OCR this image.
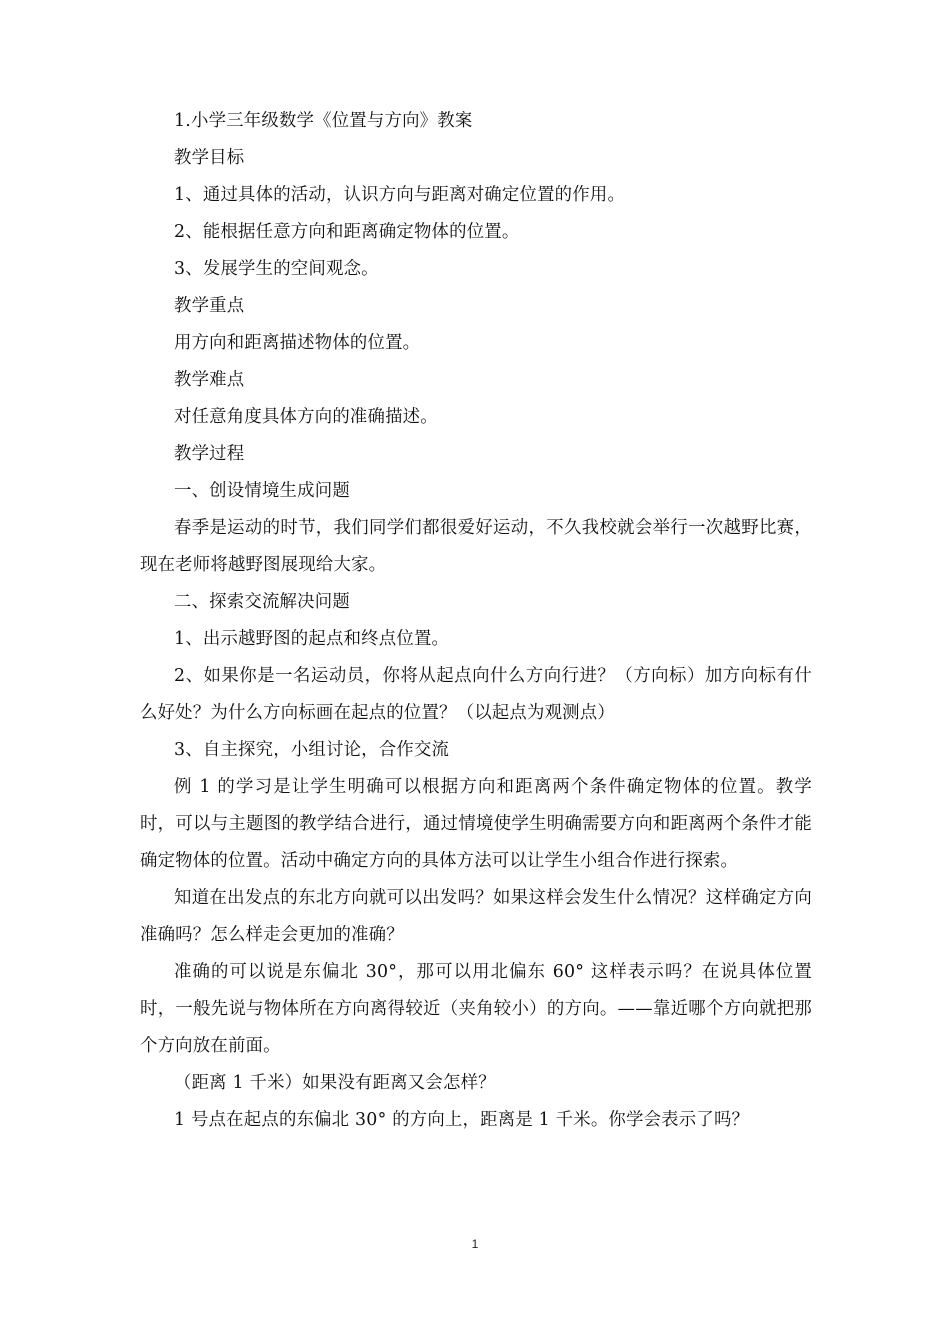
1.小学三年级数学《位置与方向》教案

教学目标

1、通过具体的活动，认识方向与距离对确定位置的作用。

2、能根据任意方向和距离确定物体的位置。

3、发展学生的空间观念。

教学重点

用方向和距离描述物体的位置。

教学难点

对任意角度具体方向的准确描述。

教学过程

一、创设情境生成问题

春季是运动的时节，我们同学们都很爱好运动，不久我校就会举行一次越野比赛，现在老师将越野图展现给大家。

二、探索交流解决问题

1、出示越野图的起点和终点位置。

2、如果你是一名运动员，你将从起点向什么方向行进？（方向标）加方向标有什么好处？为什么方向标画在起点的位置？（以起点为观测点）

3、自主探究，小组讨论，合作交流

例 1 的学习是让学生明确可以根据方向和距离两个条件确定物体的位置。教学时，可以与主题图的教学结合进行，通过情境使学生明确需要方向和距离两个条件才能确定物体的位置。活动中确定方向的具体方法可以让学生小组合作进行探索。

知道在出发点的东北方向就可以出发吗？如果这样会发生什么情况？这样确定方向准确吗？怎么样走会更加的准确？

准确的可以说是东偏北 30°，那可以用北偏东 60° 这样表示吗？在说具体位置时，一般先说与物体所在方向离得较近（夹角较小）的方向。——靠近哪个方向就把那个方向放在前面。

（距离 1 千米）如果没有距离又会怎样？

1 号点在起点的东偏北 30° 的方向上，距离是 1 千米。你学会表示了吗？

1
